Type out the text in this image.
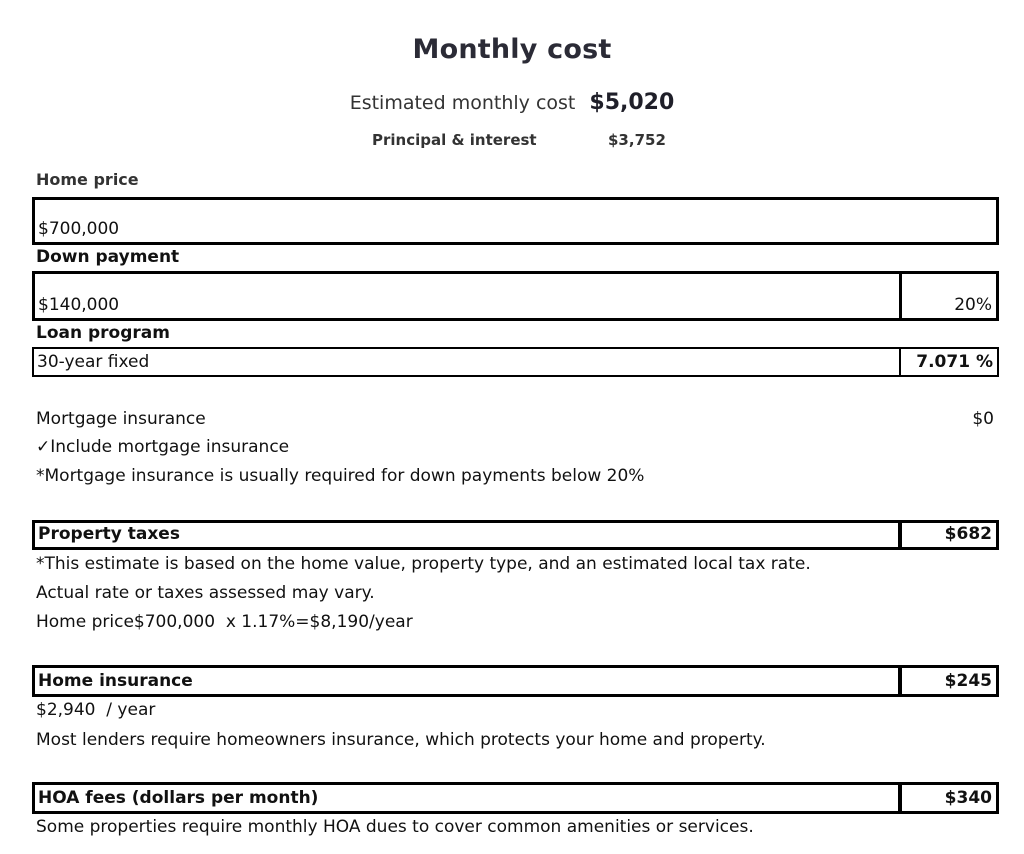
Monthly cost
Estimated monthly cost $5,020
Principal & interest	$3,752
Home price
$700,000
Down payment
$140,000	20%
Loan program
30-year fixed	7.071 %
Mortgage insurance	$0
✓Include mortgage insurance
*Mortgage insurance is usually required for down payments below 20%
Property taxes	$682
*This estimate is based on the home value, property type, and an estimated local tax rate.
Actual rate or taxes assessed may vary.
Home price$700,000  x 1.17%=$8,190/year
Home insurance	$245
$2,940  / year
Most lenders require homeowners insurance, which protects your home and property.
HOA fees (dollars per month)	$340
Some properties require monthly HOA dues to cover common amenities or services.
